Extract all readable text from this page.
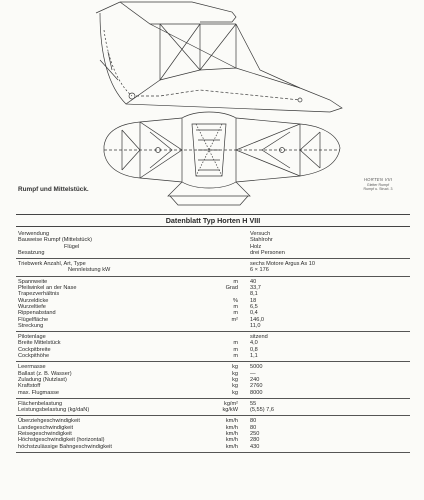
Rumpf und Mittelstück.
HORTEN VIII
Gleiter Rumpf
Rumpf u. Struct. 3
Datenblatt Typ Horten H VIII
Verwendung	Versuch
Bauweise Rumpf (Mittelstück)	Stahlrohr
Flügel	Holz
Besatzung	drei Personen
Triebwerk Anzahl, Art, Type	sechs Motore Argus As 10
Nennleistung kW	6 × 176
Spannweite	m 40
Pfeilwinkel an der Nase	Grad 33,7
Trapezverhältnis	8,1
Wurzeldicke	% 18
Wurzeltiefe	m 6,5
Rippenabstand	m 0,4
Flügelfläche	m² 146,0
Streckung	11,0
Pilotenlage	sitzend
Breite Mittelstück	m 4,0
Cockpitbreite	m 0,8
Cockpithöhe	m 1,1
Leermasse	kg 5000
Ballast (z. B. Wasser)	kg —
Zuladung (Nutzlast)	kg 240
Kraftstoff	kg 2760
max. Flugmasse	kg 8000
Flächenbelastung	kg/m² 55
Leistungsbelastung (kg/daN)	kg/kW (5,55) 7,6
Überziehgeschwindigkeit	km/h 80
Landegeschwindigkeit	km/h 80
Reisegeschwindigkeit	km/h 250
Höchstgeschwindigkeit (horizontal)	km/h 280
höchstzulässige Bahngeschwindigkeit	km/h 430
